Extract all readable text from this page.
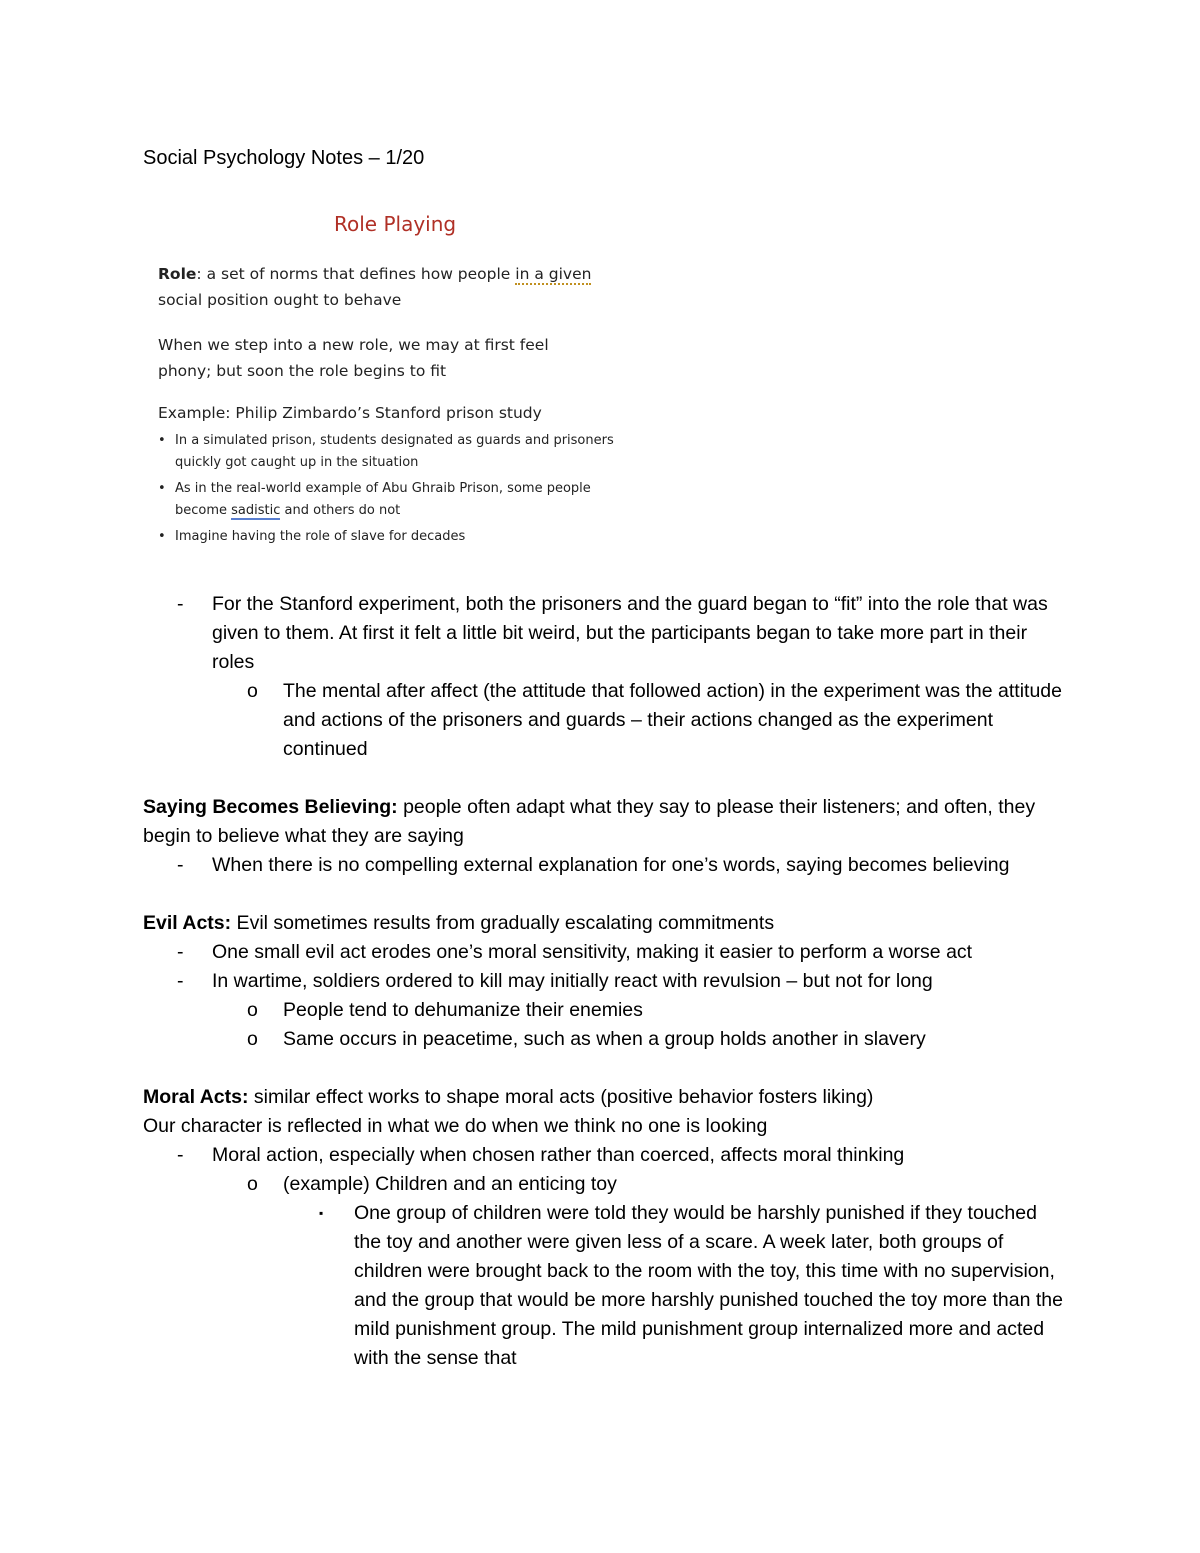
Social Psychology Notes – 1/20
Role Playing
Role: a set of norms that defines how people in a given
social position ought to behave
When we step into a new role, we may at first feel
phony; but soon the role begins to fit
Example: Philip Zimbardo’s Stanford prison study
• In a simulated prison, students designated as guards and prisoners quickly got caught up in the situation
• As in the real-world example of Abu Ghraib Prison, some people become sadistic and others do not
• Imagine having the role of slave for decades
- For the Stanford experiment, both the prisoners and the guard began to “fit” into the role that was given to them. At first it felt a little bit weird, but the participants began to take more part in their roles
o The mental after affect (the attitude that followed action) in the experiment was the attitude and actions of the prisoners and guards – their actions changed as the experiment continued
Saying Becomes Believing: people often adapt what they say to please their listeners; and often, they begin to believe what they are saying
- When there is no compelling external explanation for one’s words, saying becomes believing
Evil Acts: Evil sometimes results from gradually escalating commitments
- One small evil act erodes one’s moral sensitivity, making it easier to perform a worse act
- In wartime, soldiers ordered to kill may initially react with revulsion – but not for long
o People tend to dehumanize their enemies
o Same occurs in peacetime, such as when a group holds another in slavery
Moral Acts: similar effect works to shape moral acts (positive behavior fosters liking)
Our character is reflected in what we do when we think no one is looking
- Moral action, especially when chosen rather than coerced, affects moral thinking
o (example) Children and an enticing toy
▪ One group of children were told they would be harshly punished if they touched the toy and another were given less of a scare. A week later, both groups of children were brought back to the room with the toy, this time with no supervision, and the group that would be more harshly punished touched the toy more than the mild punishment group. The mild punishment group internalized more and acted with the sense that
